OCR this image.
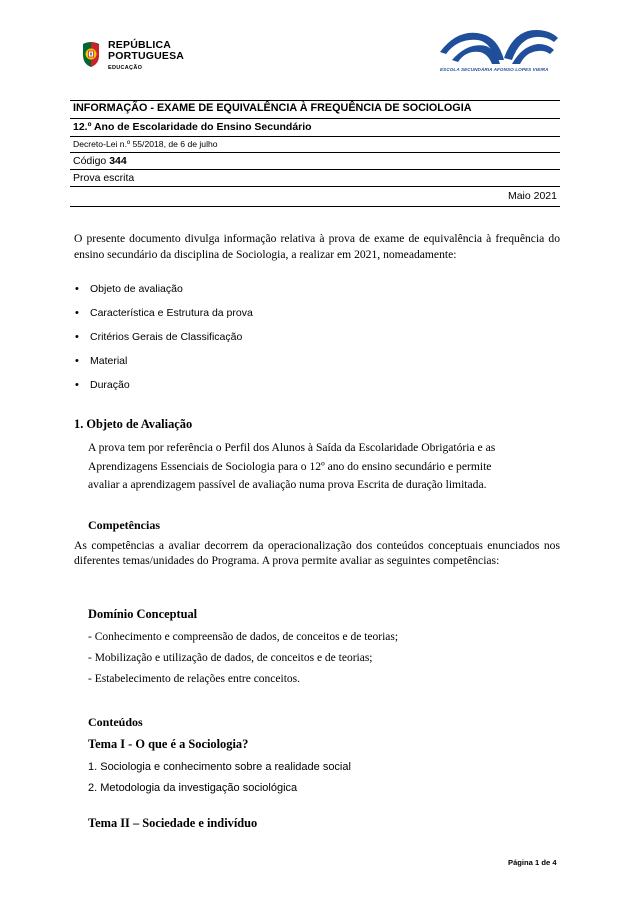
REPÚBLICA
PORTUGUESA
EDUCAÇÃO	ESCOLA SECUNDÁRIA AFONSO LOPES VIEIRA
INFORMAÇÃO - EXAME DE EQUIVALÊNCIA À FREQUÊNCIA DE SOCIOLOGIA
12.º Ano de Escolaridade do Ensino Secundário
Decreto-Lei n.º 55/2018, de 6 de julho
Código 344
Prova escrita
Maio 2021
O presente documento divulga informação relativa à prova de exame de equivalência à frequência do ensino secundário da disciplina de Sociologia, a realizar em 2021, nomeadamente:
• Objeto de avaliação
• Característica e Estrutura da prova
• Critérios Gerais de Classificação
• Material
• Duração
1. Objeto de Avaliação
A prova tem por referência o Perfil dos Alunos à Saída da Escolaridade Obrigatória e as
Aprendizagens Essenciais de Sociologia para o 12º ano do ensino secundário e permite
avaliar a aprendizagem passível de avaliação numa prova Escrita de duração limitada.
Competências
As competências a avaliar decorrem da operacionalização dos conteúdos conceptuais enunciados nos diferentes temas/unidades do Programa. A prova permite avaliar as seguintes competências:
Domínio Conceptual
- Conhecimento e compreensão de dados, de conceitos e de teorias;
- Mobilização e utilização de dados, de conceitos e de teorias;
- Estabelecimento de relações entre conceitos.
Conteúdos
Tema I - O que é a Sociologia?
1. Sociologia e conhecimento sobre a realidade social
2. Metodologia da investigação sociológica
Tema II – Sociedade e indivíduo
Página 1 de 4
